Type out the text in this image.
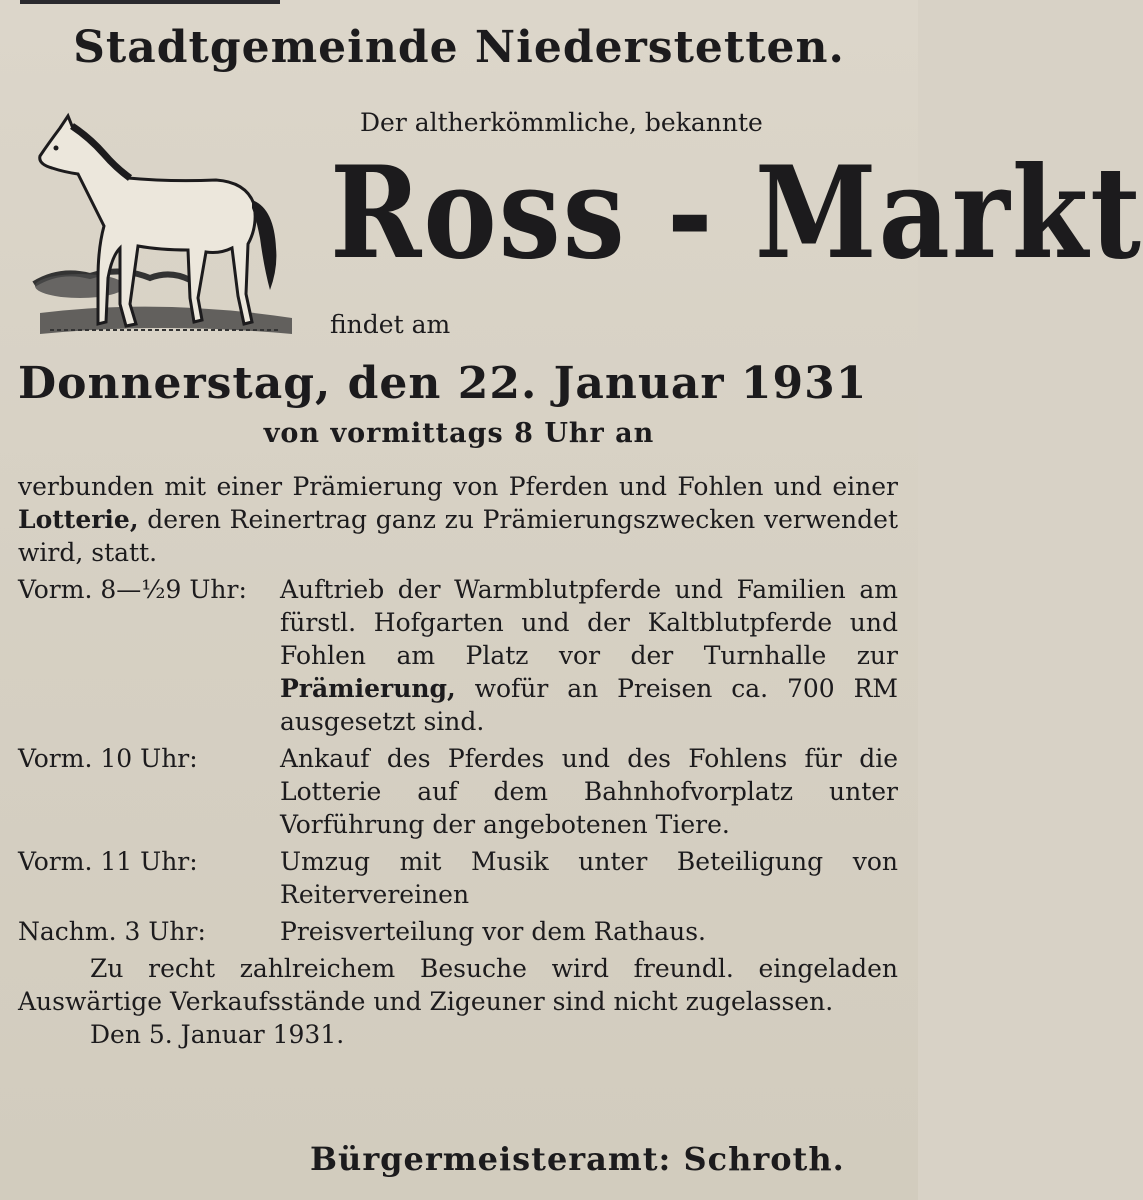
Stadtgemeinde Niederstetten.
Der altherkömmliche, bekannte
Ross - Markt
findet am
Donnerstag, den 22. Januar 1931
von vormittags 8 Uhr an
verbunden mit einer Prämierung von Pferden und Fohlen und einer Lotterie, deren Reinertrag ganz zu Prämierungszwecken verwendet wird, statt.
Vorm. 8—½9 Uhr:	Auftrieb der Warmblutpferde und Familien am fürstl. Hofgarten und der Kaltblutpferde und Fohlen am Platz vor der Turnhalle zur Prämierung, wofür an Preisen ca. 700 RM ausgesetzt sind.
Vorm. 10 Uhr:	Ankauf des Pferdes und des Fohlens für die Lotterie auf dem Bahnhofvorplatz unter Vorführung der angebotenen Tiere.
Vorm. 11 Uhr:	Umzug mit Musik unter Beteiligung von Reitervereinen
Nachm. 3 Uhr:	Preisverteilung vor dem Rathaus.
Zu recht zahlreichem Besuche wird freundl. eingeladen Auswärtige Verkaufsstände und Zigeuner sind nicht zugelassen.
Den 5. Januar 1931.
Bürgermeisteramt: Schroth.
